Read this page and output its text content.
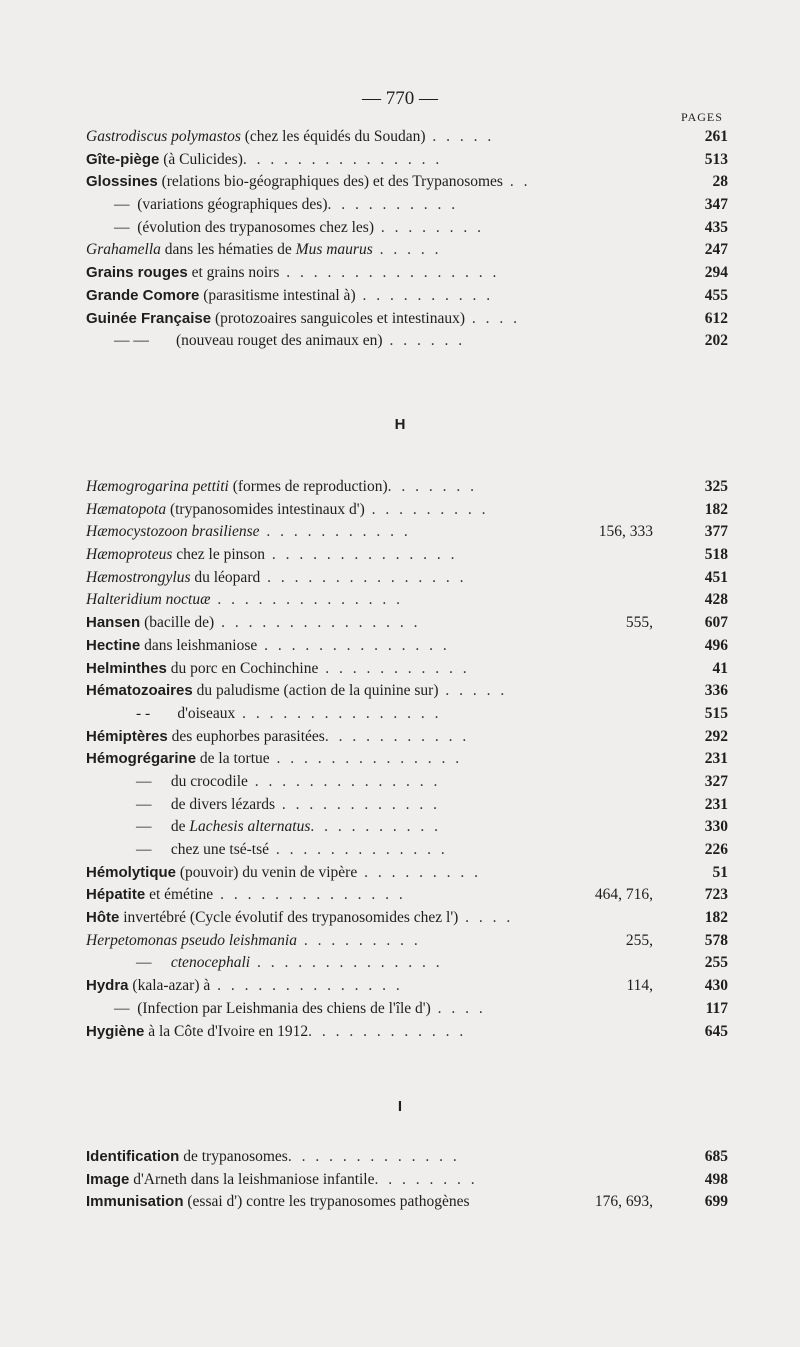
— 770 —
PAGES
Gastrodiscus polymastos (chez les équidés du Soudan) . . . . .	261
Gîte-piège (à Culicides). . . . . . . . . . . . . . .	513
Glossines (relations bio-géographiques des) et des Trypanosomes . .	28
—  (variations géographiques des). . . . . . . . . .	347
—  (évolution des trypanosomes chez les) . . . . . . . .	435
Grahamella dans les hématies de Mus maurus . . . . .	247
Grains rouges et grains noirs . . . . . . . . . . . . . . . .	294
Grande Comore (parasitisme intestinal à) . . . . . . . . . .	455
Guinée Française (protozoaires sanguicoles et intestinaux) . . . .	612
— —       (nouveau rouget des animaux en) . . . . . .	202
H
Hæmogrogarina pettiti (formes de reproduction). . . . . . .	325
Hæmatopota (trypanosomides intestinaux d') . . . . . . . . .	182
Hæmocystozoon brasiliense . . . . . . . . . . .	156, 333	377
Hæmoproteus chez le pinson . . . . . . . . . . . . . .	518
Hæmostrongylus du léopard . . . . . . . . . . . . . . .	451
Halteridium noctuæ . . . . . . . . . . . . . .	428
Hansen (bacille de) . . . . . . . . . . . . . . .	555,	607
Hectine dans leishmaniose . . . . . . . . . . . . . .	496
Helminthes du porc en Cochinchine . . . . . . . . . . .	41
Hématozoaires du paludisme (action de la quinine sur) . . . . .	336
- -       d'oiseaux . . . . . . . . . . . . . . .	515
Hémiptères des euphorbes parasitées. . . . . . . . . . .	292
Hémogrégarine de la tortue . . . . . . . . . . . . . .	231
—     du crocodile . . . . . . . . . . . . . .	327
—     de divers lézards . . . . . . . . . . . .	231
—     de Lachesis alternatus. . . . . . . . . .	330
—     chez une tsé-tsé . . . . . . . . . . . . .	226
Hémolytique (pouvoir) du venin de vipère . . . . . . . . .	51
Hépatite et émétine . . . . . . . . . . . . . .	464, 716,	723
Hôte invertébré (Cycle évolutif des trypanosomides chez l') . . . .	182
Herpetomonas pseudo leishmania . . . . . . . . .	255,	578
— ctenocephali . . . . . . . . . . . . . .	255
Hydra (kala-azar) à . . . . . . . . . . . . . .	114,	430
—  (Infection par Leishmania des chiens de l'île d') . . . .	117
Hygiène à la Côte d'Ivoire en 1912. . . . . . . . . . . .	645
I
Identification de trypanosomes. . . . . . . . . . . . .	685
Image d'Arneth dans la leishmaniose infantile. . . . . . . .	498
Immunisation (essai d') contre les trypanosomes pathogènes	176, 693,	699
